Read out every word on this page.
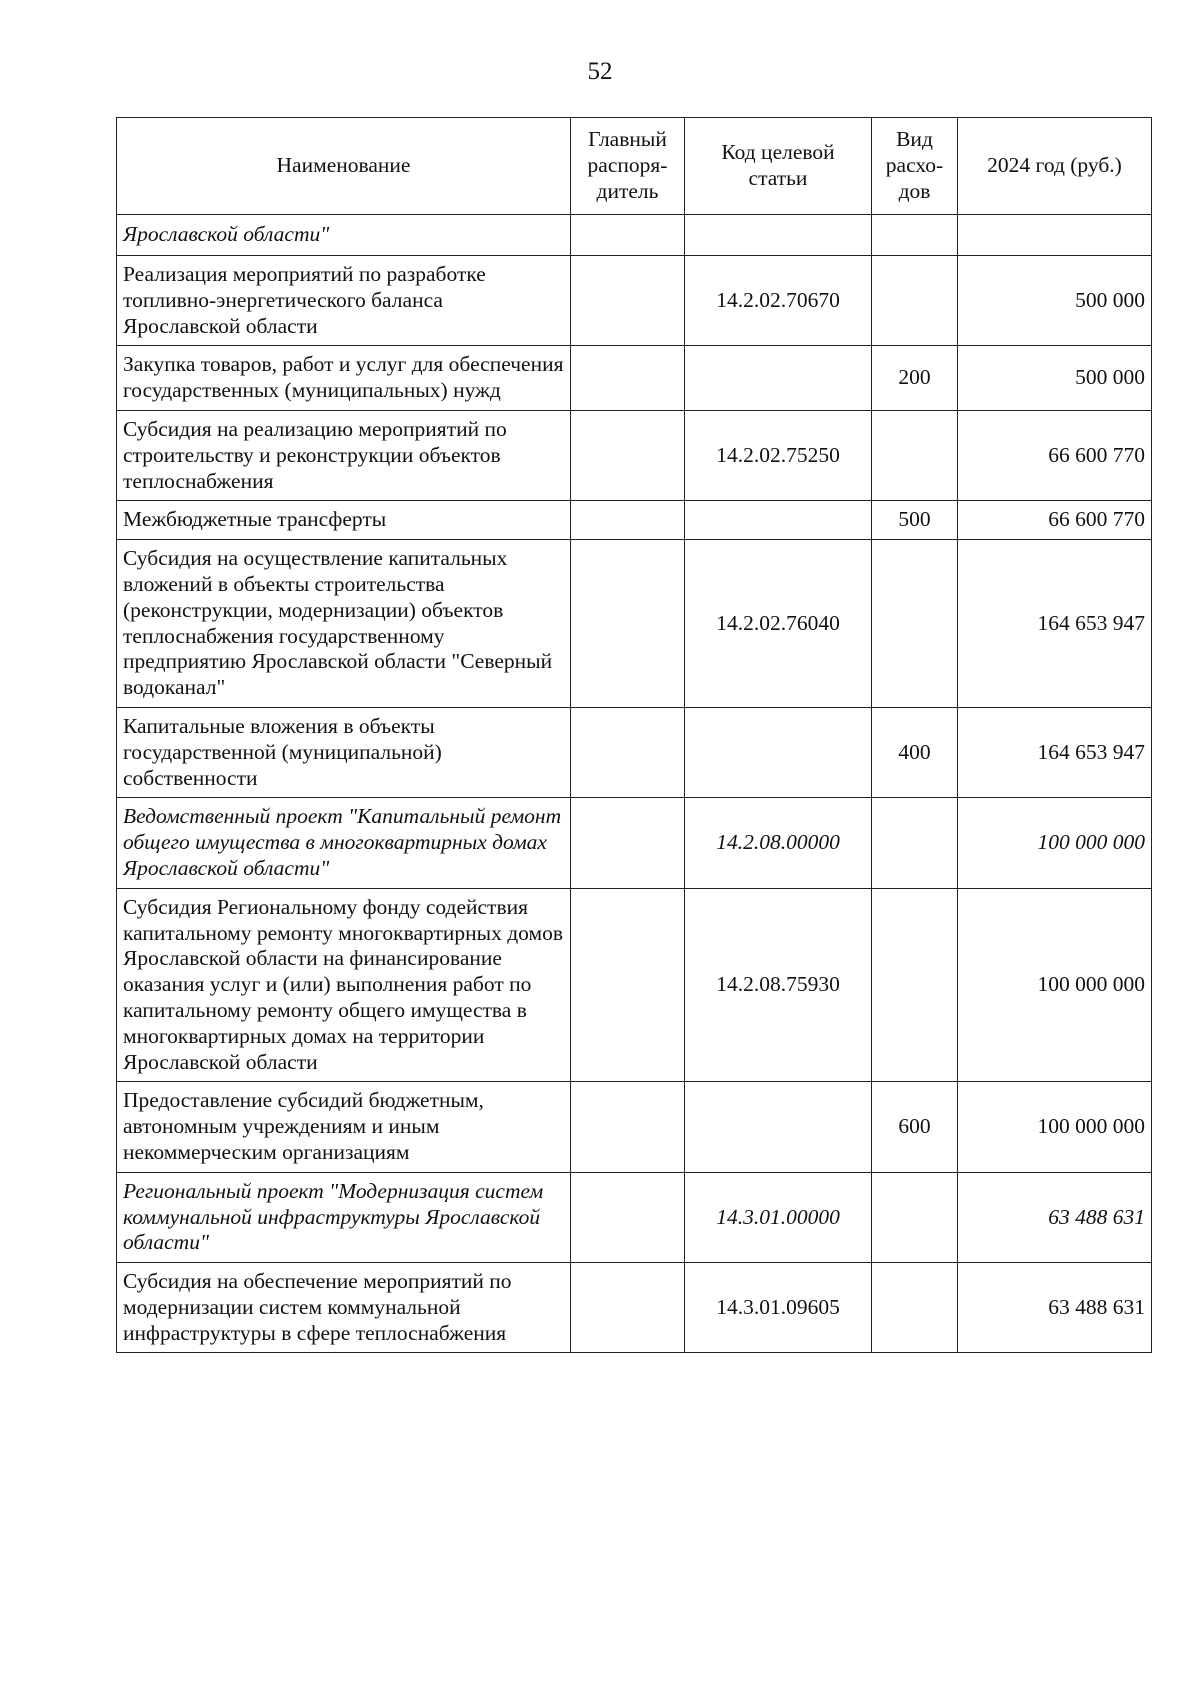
52
Наименование	Главный распоря-дитель	Код целевой статьи	Вид расхо-дов	2024 год (руб.)
Ярославской области"				
Реализация мероприятий по разработке топливно-энергетического баланса Ярославской области		14.2.02.70670		500 000
Закупка товаров, работ и услуг для обеспечения государственных (муниципальных) нужд			200	500 000
Субсидия на реализацию мероприятий по строительству и реконструкции объектов теплоснабжения		14.2.02.75250		66 600 770
Межбюджетные трансферты			500	66 600 770
Субсидия на осуществление капитальных вложений в объекты строительства (реконструкции, модернизации) объектов теплоснабжения государственному предприятию Ярославской области "Северный водоканал"		14.2.02.76040		164 653 947
Капитальные вложения в объекты государственной (муниципальной) собственности			400	164 653 947
Ведомственный проект "Капитальный ремонт общего имущества в многоквартирных домах Ярославской области"		14.2.08.00000		100 000 000
Субсидия Региональному фонду содействия капитальному ремонту многоквартирных домов Ярославской области на финансирование оказания услуг и (или) выполнения работ по капитальному ремонту общего имущества в многоквартирных домах на территории Ярославской области		14.2.08.75930		100 000 000
Предоставление субсидий бюджетным, автономным учреждениям и иным некоммерческим организациям			600	100 000 000
Региональный проект "Модернизация систем коммунальной инфраструктуры Ярославской области"		14.3.01.00000		63 488 631
Субсидия на обеспечение мероприятий по модернизации систем коммунальной инфраструктуры в сфере теплоснабжения		14.3.01.09605		63 488 631
